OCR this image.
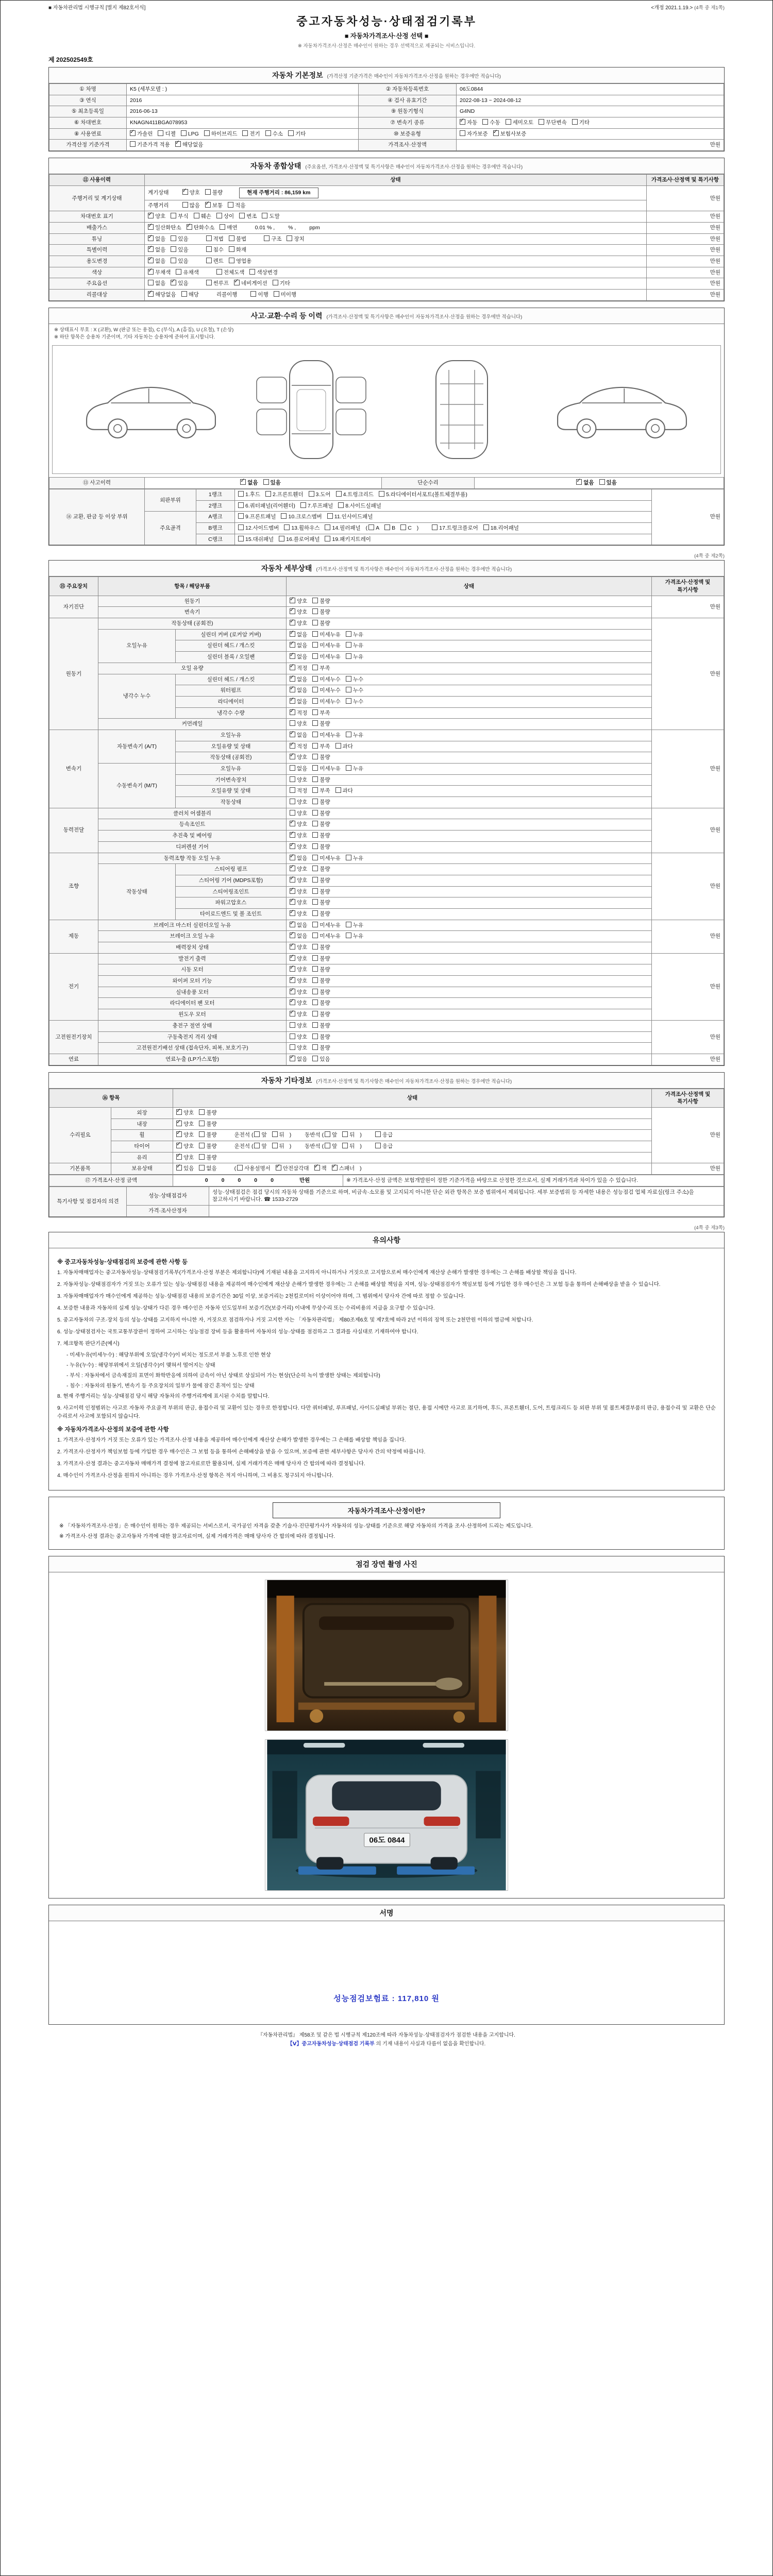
■ 자동차관리법 시행규칙 [별지 제82호서식]	<개정 2021.1.19.> (4쪽 중 제1쪽)
중고자동차성능·상태점검기록부
■ 자동차가격조사·산정 선택 ■
※ 자동차가격조사·산정은 매수인이 원하는 경우 선택적으로 제공되는 서비스입니다.
제 202502549호
자동차 기본정보 (가격산정 기준가격은 매수인이 자동차가격조사·산정을 원하는 경우에만 적습니다)
① 차명	K5 (세부모델 : )	② 자동차등록번호	06도0844
③ 연식	2016	④ 검사 유효기간	2022-08-13 ~ 2024-08-12
⑤ 최초등록일	2016-06-13	⑨ 원동기형식	G4ND
⑥ 차대번호	KNAGN411BGA078953	⑦ 변속기 종류	✓자동 수동 세미오토 무단변속 기타
⑧ 사용연료	✓가솔린 디젤 LPG 하이브리드 전기 수소 기타	⑩ 보증유형	자가보증 ✓ 보험사보증
가격산정 기준가격	기준가격 적용 ✓ 해당없음	가격조사·산정액	만원
자동차 종합상태 (주요옵션, 가격조사·산정액 및 특기사항은 매수인이 자동차가격조사·산정을 원하는 경우에만 적습니다)
⑪ 사용이력	상태	가격조사·산정액 및 특기사항
주행거리 및 계기상태	계기상태 ✓ 양호 불량 현재 주행거리 : 86,159 km	만원
	주행거리 많음 ✓ 보통 적음
차대번호 표기	✓양호 부식 훼손 상이 변조 도말	만원
배출가스	✓일산화탄소 ✓ 탄화수소 매연 0.01 % , % , ppm	만원
튜닝	✓없음 있음 적법 불법 구조 장치	만원
특별이력	✓없음 있음 침수 화재	만원
용도변경	✓없음 있음 렌트 영업용	만원
색상	✓무채색 유채색 전체도색 색상변경	만원
주요옵션	없음 ✓ 있음 썬루프 ✓ 네비게이션 기타	만원
리콜대상	✓해당없음 해당 리콜이행 이행 미이행	만원
사고·교환·수리 등 이력 (가격조사·산정액 및 특기사항은 매수인이 자동차가격조사·산정을 원하는 경우에만 적습니다)
※ 상태표시 부호 : X (교환), W (판금 또는 용접), C (부식), A (흠집), U (요철), T (손상)
※ 하단 항목은 승용차 기준이며, 기타 자동차는 승용차에 준하여 표시합니다.
⑬ 사고이력	✓없음 있음	단순수리	✓없음 있음
⑭ 교환, 판금 등 이상 부위	외판부위	1랭크	1.후드 2.프론트휀더 3.도어 4.트렁크리드 5.라디에이터서포트(볼트체결부품)	만원
		2랭크	6.쿼터패널(리어휀더) 7.루프패널 8.사이드실패널	
	주요골격	A랭크	9.프론트패널 10.크로스멤버 11.인사이드패널	
		B랭크	12.사이드멤버 13.휠하우스 14.필러패널 ( A B C ) 17.트렁크플로어 18.리어패널	
		C랭크	15.대쉬패널 16.플로어패널 19.패키지트레이	
(4쪽 중 제2쪽)
자동차 세부상태 (가격조사·산정액 및 특기사항은 매수인이 자동차가격조사·산정을 원하는 경우에만 적습니다)
⑮ 주요장치	항목 / 해당부품		상태	가격조사·산정액 및 특기사항
자기진단	원동기	✓양호 불량	만원
	변속기	✓양호 불량
원동기	작동상태 (공회전)	✓양호 불량	만원
	오일누유	실린더 커버 (로커암 커버)	✓없음 미세누유 누유
		실린더 헤드 / 개스킷	✓없음 미세누유 누유
		실린더 블록 / 오일팬	✓없음 미세누유 누유
	오일 유량	✓적정 부족
	냉각수 누수	실린더 헤드 / 개스킷	✓없음 미세누수 누수
		워터펌프	✓없음 미세누수 누수
		라디에이터	✓없음 미세누수 누수
		냉각수 수량	✓적정 부족
	커먼레일		양호 불량	
변속기	자동변속기 (A/T)	오일누유	✓없음 미세누유 누유	만원
		오일유량 및 상태	✓적정 부족 과다
		작동상태 (공회전)	✓양호 불량
	수동변속기 (M/T)	오일누유	없음 미세누유 누유	
		기어변속장치	양호 불량	
		오일유량 및 상태	적정 부족 과다	
		작동상태	양호 불량	
동력전달	클러치 어셈블리		양호 불량	만원
	등속조인트	✓양호 불량
	추진축 및 베어링	✓양호 불량
	디퍼렌셜 기어	✓양호 불량
조향	동력조향 작동 오일 누유	✓없음 미세누유 누유	만원
	작동상태	스티어링 펌프	✓양호 불량
		스티어링 기어 (MDPS포함)	✓양호 불량
		스티어링조인트	✓양호 불량
		파워고압호스	✓양호 불량
		타이로드엔드 및 볼 조인트	✓양호 불량
제동	브레이크 마스터 실린더오일 누유	✓없음 미세누유 누유	만원
	브레이크 오일 누유	✓없음 미세누유 누유
	배력장치 상태	✓양호 불량
전기	발전기 출력	✓양호 불량	만원
	시동 모터	✓양호 불량
	와이퍼 모터 기능	✓양호 불량
	실내송풍 모터	✓양호 불량
	라디에이터 팬 모터	✓양호 불량
	윈도우 모터	✓양호 불량
고전원전기장치	충전구 절연 상태		양호 불량	만원
	구동축전지 격리 상태		양호 불량	
	고전원전기배선 상태 (접속단자, 피복, 보호기구)		양호 불량	
연료	연료누출 (LP가스포함)	✓없음 있음	만원
자동차 기타정보 (가격조사·산정액 및 특기사항은 매수인이 자동차가격조사·산정을 원하는 경우에만 적습니다)
⑯ 항목		상태	가격조사·산정액 및 특기사항
수리필요	외장	✓양호 불량	만원
	내장	✓양호 불량
	휠	✓양호 불량 운전석 ( 앞 뒤 ) 동반석 ( 앞 뒤 ) 응급
	타이어	✓양호 불량 운전석 ( 앞 뒤 ) 동반석 ( 앞 뒤 ) 응급
	유리	✓양호 불량
기본품목	보유상태	✓있음 없음 ( 사용설명서 ✓ 안전삼각대 ✓ 잭 ✓ 스패너 )	만원
⑰ 가격조사·산정 금액	0 0 0 0 0	만원	※ 가격조사·산정 금액은 보험개발원이 정한 기준가격을 바탕으로 산정한 것으로서, 실제 거래가격과 차이가 있을 수 있습니다.
특기사항 및 점검자의 의견	성능·상태점검자	성능·상태점검은 점검 당시의 자동차 상태를 기준으로 하며, 비금속·소모품 및 고지되지 아니한 단순 외관 항목은 보증 범위에서 제외됩니다. 세부 보증범위 등 자세한 내용은 성능점검 업체 자료실(링크 주소)을 참고하시기 바랍니다. ☎ 1533-2729
	가격·조사산정자	
(4쪽 중 제3쪽)
유의사항
※ 중고자동차성능·상태점검의 보증에 관한 사항 등

1. 자동차매매업자는 중고자동차성능·상태점검기록부(가격조사·산정 부분은 제외합니다)에 기재된 내용을 고지하지 아니하거나 거짓으로 고지함으로써 매수인에게 재산상 손해가 발생한 경우에는 그 손해를 배상할 책임을 집니다.

2. 자동차성능·상태점검자가 거짓 또는 오류가 있는 성능·상태점검 내용을 제공하여 매수인에게 재산상 손해가 발생한 경우에는 그 손해를 배상할 책임을 지며, 성능·상태점검자가 책임보험 등에 가입한 경우 매수인은 그 보험 등을 통하여 손해배상을 받을 수 있습니다.

3. 자동차매매업자가 매수인에게 제공하는 성능·상태점검 내용의 보증기간은 30일 이상, 보증거리는 2천킬로미터 이상이어야 하며, 그 범위에서 당사자 간에 따로 정할 수 있습니다.

4. 보증한 내용과 자동차의 실제 성능·상태가 다른 경우 매수인은 자동차 인도일부터 보증기간(보증거리) 이내에 무상수리 또는 수리비용의 지급을 요구할 수 있습니다.

5. 중고자동차의 구조·장치 등의 성능·상태를 고지하지 아니한 자, 거짓으로 점검하거나 거짓 고지한 자는 「자동차관리법」 제80조제6호 및 제7호에 따라 2년 이하의 징역 또는 2천만원 이하의 벌금에 처합니다.

6. 성능·상태점검자는 국토교통부장관이 정하여 고시하는 성능점검 장비 등을 활용하여 자동차의 성능·상태를 점검하고 그 결과를 사실대로 기재하여야 합니다.

7. 체크항목 판단기준(예시)

- 미세누유(미세누수) : 해당부위에 오일(냉각수)이 비치는 정도로서 부품 노후로 인한 현상

- 누유(누수) : 해당부위에서 오일(냉각수)이 맺혀서 떨어지는 상태

- 부식 : 자동차에서 금속재질의 표면이 화학반응에 의하여 금속이 아닌 상태로 상실되어 가는 현상(단순히 녹이 발생한 상태는 제외합니다)

- 침수 : 자동차의 원동기, 변속기 등 주요장치의 일부가 물에 잠긴 흔적이 있는 상태

8. 현재 주행거리는 성능·상태점검 당시 해당 자동차의 주행거리계에 표시된 수치를 말합니다.

9. 사고이력 인정범위는 사고로 자동차 주요골격 부위의 판금, 용접수리 및 교환이 있는 경우로 한정합니다. 다만 쿼터패널, 루프패널, 사이드실패널 부위는 절단, 용접 시에만 사고로 표기하며, 후드, 프론트휀더, 도어, 트렁크리드 등 외판 부위 및 볼트체결부품의 판금, 용접수리 및 교환은 단순수리로서 사고에 포함되지 않습니다.

※ 자동차가격조사·산정의 보증에 관한 사항

1. 가격조사·산정자가 거짓 또는 오류가 있는 가격조사·산정 내용을 제공하여 매수인에게 재산상 손해가 발생한 경우에는 그 손해를 배상할 책임을 집니다.

2. 가격조사·산정자가 책임보험 등에 가입한 경우 매수인은 그 보험 등을 통하여 손해배상을 받을 수 있으며, 보증에 관한 세부사항은 당사자 간의 약정에 따릅니다.

3. 가격조사·산정 결과는 중고자동차 매매가격 결정에 참고자료로만 활용되며, 실제 거래가격은 매매 당사자 간 합의에 따라 결정됩니다.

4. 매수인이 가격조사·산정을 원하지 아니하는 경우 가격조사·산정 항목은 적지 아니하며, 그 비용도 청구되지 아니합니다.

자동차가격조사·산정이란?

※ 「자동차가격조사·산정」은 매수인이 원하는 경우 제공되는 서비스로서, 국가공인 자격을 갖춘 기술사·진단평가사가 자동차의 성능·상태를 기준으로 해당 자동차의 가격을 조사·산정하여 드리는 제도입니다.

※ 가격조사·산정 결과는 중고자동차 가격에 대한 참고자료이며, 실제 거래가격은 매매 당사자 간 합의에 따라 결정됩니다.

점검 장면 촬영 사진
06도 0844
서명
성능점검보험료 : 117,810 원
『자동차관리법』 제58조 및 같은 법 시행규칙 제120조에 따라 자동차성능·상태점검자가 점검한 내용을 고지합니다.
【Ⅴ】중고자동차성능·상태점검 기록부 의 기재 내용이 사실과 다름이 없음을 확인합니다.
